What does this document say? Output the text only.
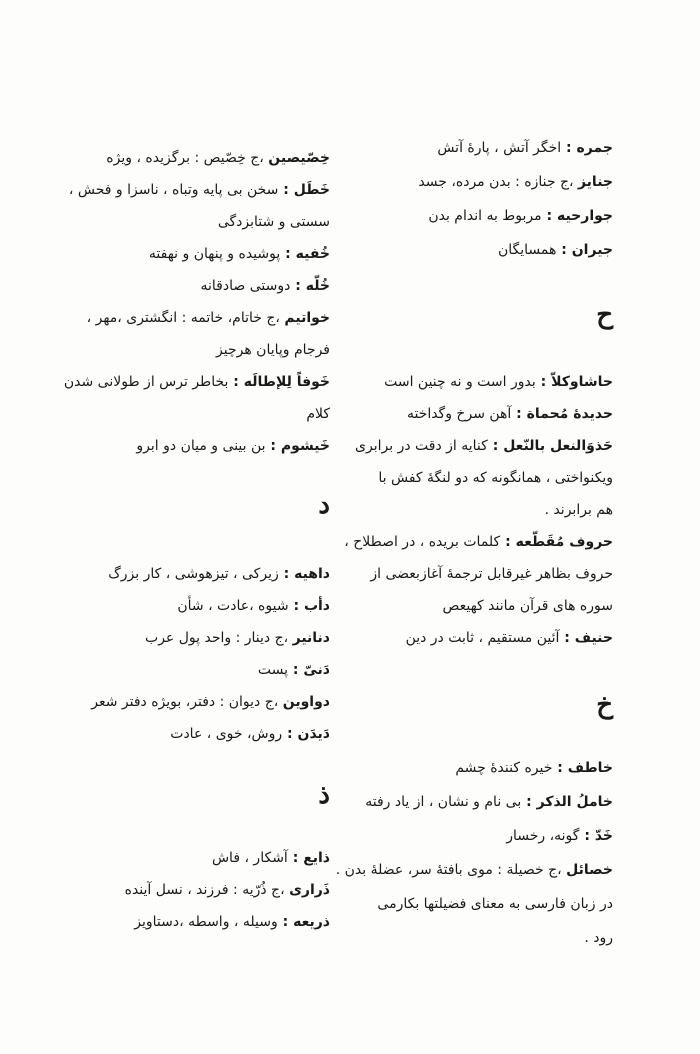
جمره : اخگر آتش ، پارهٔ آتش
جنایز ،ج جنازه : بدن مرده، جسد
جوارحیه : مربوط به اندام بدن
جیران : همسایگان
ح
حاشاوکلاّ : بدور است و نه چنین است
حدیدهٔ مُحماة : آهن سرخ وگداخته
حَذوَالنعل بالنّعل : کنایه از دقت در برابری
ویکنواختی ، همانگونه که دو لنگهٔ کفش با
هم برابرند .
حروف مُقَطّعه : کلمات بریده ، در اصطلاح ،
حروف بظاهر غیرقابل ترجمهٔ آغازبعضی از
سوره های قرآن مانند کهیعص
حنیف : آئین مستقیم ، ثابت در دین
خ
خاطف : خیره کنندهٔ چشم
خاملُ الذکر : بی نام و نشان ، از یاد رفته
خَدّ : گونه، رخسار
خصائل ،ج خصیلة : موی بافتهٔ سر، عضلهٔ بدن .
در زبان فارسی به معنای فضیلتها بکارمی
رود .
خِصّیصین ،ج خِصّیص : برگزیده ، ویژه
خَطَل : سخن بی پایه وتباه ، ناسزا و فحش ،
سستی و شتابزدگی
خُفیه : پوشیده و پنهان و نهفته
خُلّه : دوستی صادقانه
خواتیم ،ج خاتام، خاتمه : انگشتری ،مهر ،
فرجام وپایان هرچیز
خَوفاً لِلإطالَه : بخاطر ترس از طولانی شدن
کلام
خَیشوم : بن بینی و میان دو ابرو
د
داهیه : زیرکی ، تیزهوشی ، کار بزرگ
دأب : شیوه ،عادت ، شأن
دنانیر ،ج دینار : واحد پول عرب
دَنیّ : پست
دواوین ،ج دیوان : دفتر، بویژه دفتر شعر
دَیدَن : روش، خوی ، عادت
ذ
ذایع : آشکار ، فاش
ذَراری ،ج ذُرّیه : فرزند ، نسل آینده
ذریعه : وسیله ، واسطه ،دستاویز
